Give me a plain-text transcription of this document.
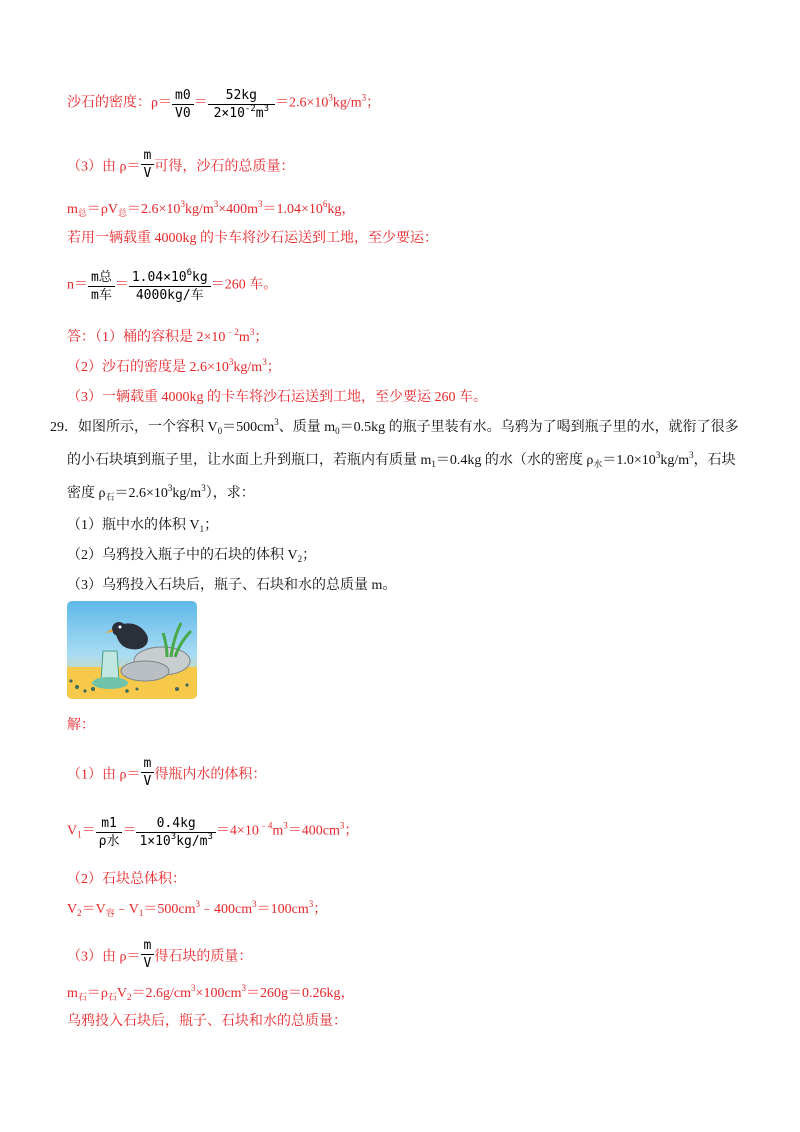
沙石的密度：$\rho= \frac{m0}{V0} = \frac{52kg}{2\times 10^{-2}m^3} =2.6\times 10^3kg/m^3$；
（3）由 $\rho= \frac{m}{V}$ 可得，沙石的总质量：
$m_总=\rho V_总=2.6\times 10^3kg/m^3\times 400m^3=1.04\times 10^6kg$，
若用一辆载重 4000kg 的卡车将沙石运送到工地，至少要运：
$n= \frac{\text{m总}}{\text{m车}} = \frac{1.04\times 10^6kg}{\text{4000kg/车}} =260$ 车。
答：（1）桶的容积是 $2\times 10^{﹣2}m^3$；
（2）沙石的密度是 $2.6\times 10^3kg/m^3$；
（3）一辆载重 4000kg 的卡车将沙石运送到工地，至少要运 260 车。
29．如图所示，一个容积 $V_0=500cm^3$、质量 $m_0=0.5kg$ 的瓶子里装有水。乌鸦为了喝到瓶子里的水，就衔了很多
的小石块填到瓶子里，让水面上升到瓶口，若瓶内有质量 $m_1=0.4kg$ 的水（水的密度 $\rho_水=1.0\times 10^3kg/m^3$，石块
密度 $\rho_石=2.6\times 10^3kg/m^3$），求：
（1）瓶中水的体积 $V_1$；
（2）乌鸦投入瓶子中的石块的体积 $V_2$；
（3）乌鸦投入石块后，瓶子、石块和水的总质量 m。
解：
（1）由 $\rho= \frac{m}{V}$ 得瓶内水的体积：
$V_1= \frac{m1}{\text{ρ水}} = \frac{0.4kg}{1\times 10^3kg/m^3} =4\times 10^{﹣4}m^3=400cm^3$；
（2）石块总体积：
$V_2=V_容﹣V_1=500cm^3﹣400cm^3=100cm^3$；
（3）由 $\rho= \frac{m}{V}$ 得石块的质量：
$m_石=\rho_石V_2=2.6g/cm^3\times 100cm^3=260g=0.26kg$，
乌鸦投入石块后，瓶子、石块和水的总质量：
